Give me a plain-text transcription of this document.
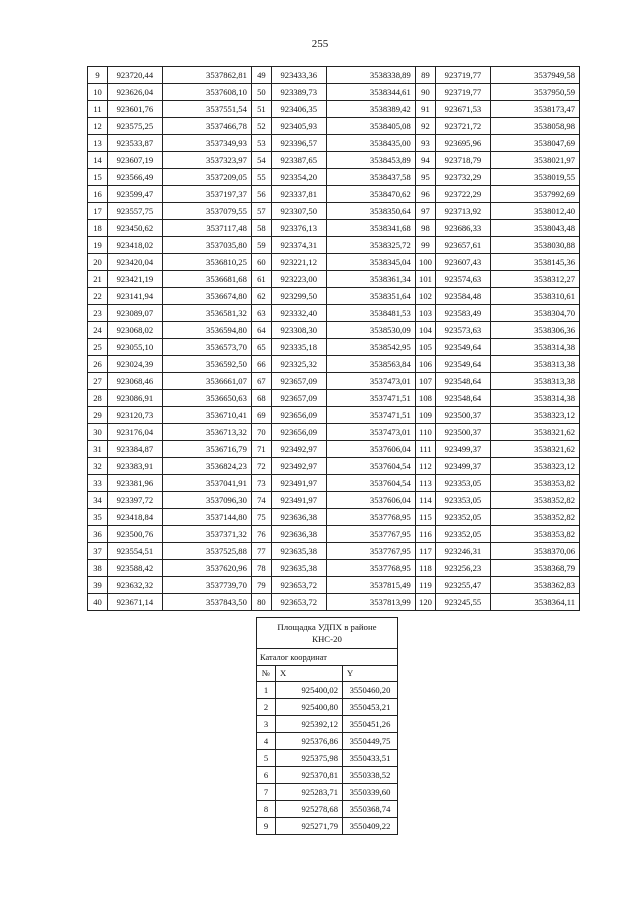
255
9	923720,44	3537862,81	49	923433,36	3538338,89	89	923719,77	3537949,58
10	923626,04	3537608,10	50	923389,73	3538344,61	90	923719,77	3537950,59
11	923601,76	3537551,54	51	923406,35	3538389,42	91	923671,53	3538173,47
12	923575,25	3537466,78	52	923405,93	3538405,08	92	923721,72	3538058,98
13	923533,87	3537349,93	53	923396,57	3538435,00	93	923695,96	3538047,69
14	923607,19	3537323,97	54	923387,65	3538453,89	94	923718,79	3538021,97
15	923566,49	3537209,05	55	923354,20	3538437,58	95	923732,29	3538019,55
16	923599,47	3537197,37	56	923337,81	3538470,62	96	923722,29	3537992,69
17	923557,75	3537079,55	57	923307,50	3538350,64	97	923713,92	3538012,40
18	923450,62	3537117,48	58	923376,13	3538341,68	98	923686,33	3538043,48
19	923418,02	3537035,80	59	923374,31	3538325,72	99	923657,61	3538030,88
20	923420,04	3536810,25	60	923221,12	3538345,04	100	923607,43	3538145,36
21	923421,19	3536681,68	61	923223,00	3538361,34	101	923574,63	3538312,27
22	923141,94	3536674,80	62	923299,50	3538351,64	102	923584,48	3538310,61
23	923089,07	3536581,32	63	923332,40	3538481,53	103	923583,49	3538304,70
24	923068,02	3536594,80	64	923308,30	3538530,09	104	923573,63	3538306,36
25	923055,10	3536573,70	65	923335,18	3538542,95	105	923549,64	3538314,38
26	923024,39	3536592,50	66	923325,32	3538563,84	106	923549,64	3538313,38
27	923068,46	3536661,07	67	923657,09	3537473,01	107	923548,64	3538313,38
28	923086,91	3536650,63	68	923657,09	3537471,51	108	923548,64	3538314,38
29	923120,73	3536710,41	69	923656,09	3537471,51	109	923500,37	3538323,12
30	923176,04	3536713,32	70	923656,09	3537473,01	110	923500,37	3538321,62
31	923384,87	3536716,79	71	923492,97	3537606,04	111	923499,37	3538321,62
32	923383,91	3536824,23	72	923492,97	3537604,54	112	923499,37	3538323,12
33	923381,96	3537041,91	73	923491,97	3537604,54	113	923353,05	3538353,82
34	923397,72	3537096,30	74	923491,97	3537606,04	114	923353,05	3538352,82
35	923418,84	3537144,80	75	923636,38	3537768,95	115	923352,05	3538352,82
36	923500,76	3537371,32	76	923636,38	3537767,95	116	923352,05	3538353,82
37	923554,51	3537525,88	77	923635,38	3537767,95	117	923246,31	3538370,06
38	923588,42	3537620,96	78	923635,38	3537768,95	118	923256,23	3538368,79
39	923632,32	3537739,70	79	923653,72	3537815,49	119	923255,47	3538362,83
40	923671,14	3537843,50	80	923653,72	3537813,99	120	923245,55	3538364,11
Площадка УДПХ в районе
КНС-20		
Каталог координат		
№	X	Y
1	925400,02	3550460,20
2	925400,80	3550453,21
3	925392,12	3550451,26
4	925376,86	3550449,75
5	925375,98	3550433,51
6	925370,81	3550338,52
7	925283,71	3550339,60
8	925278,68	3550368,74
9	925271,79	3550409,22
